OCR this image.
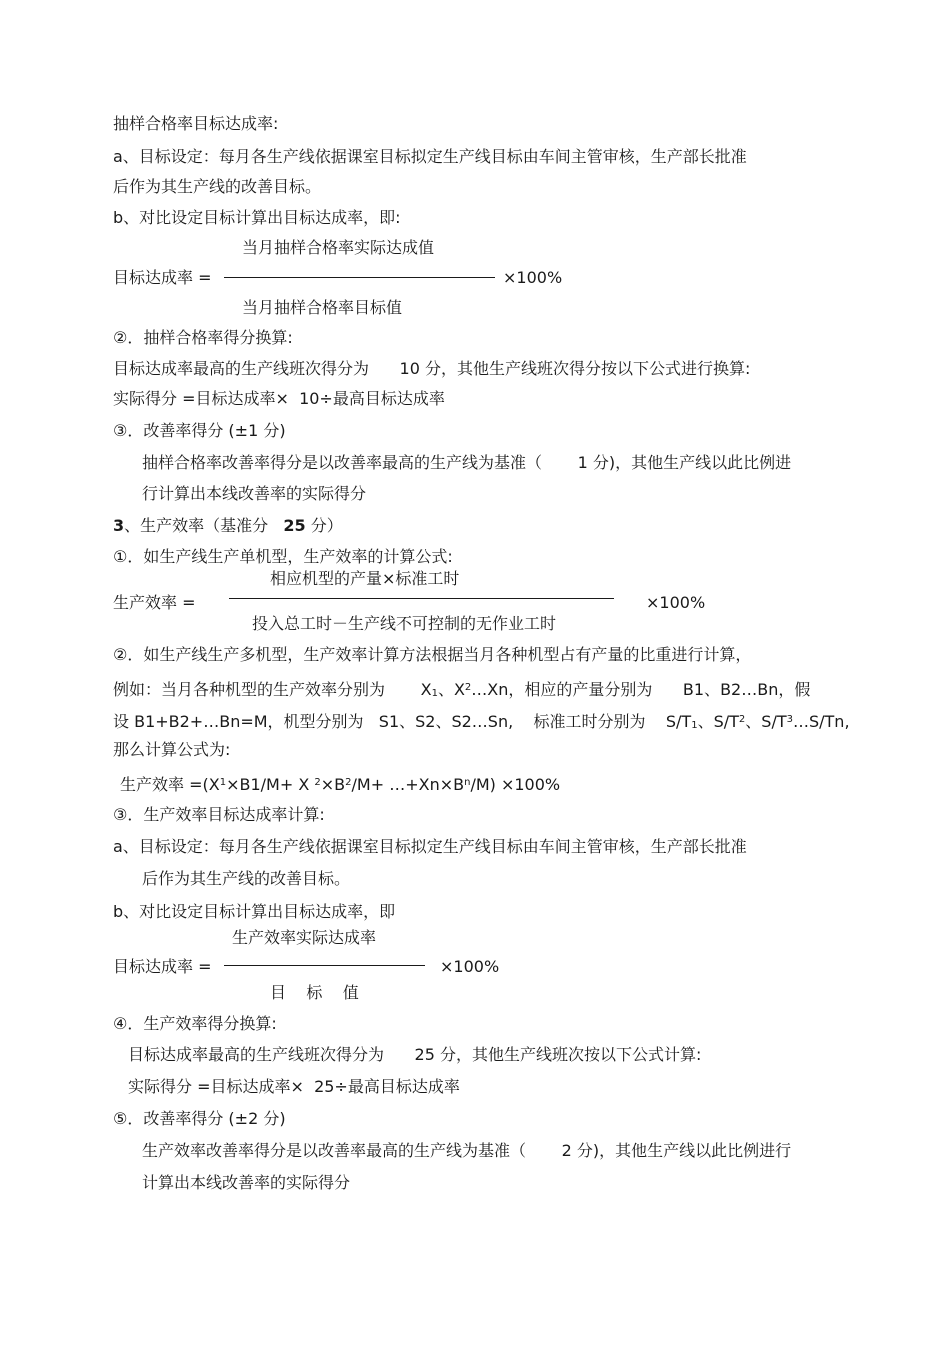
抽样合格率目标达成率:
a、目标设定：每月各生产线依据课室目标拟定生产线目标由车间主管审核，生产部长批准
后作为其生产线的改善目标。
b、对比设定目标计算出目标达成率，即:
当月抽样合格率实际达成值
目标达成率 =	×100%
当月抽样合格率目标值
②．抽样合格率得分换算:
目标达成率最高的生产线班次得分为      10 分，其他生产线班次得分按以下公式进行换算:
实际得分 =目标达成率×  10÷最高目标达成率
③．改善率得分 (±1 分)
抽样合格率改善率得分是以改善率最高的生产线为基准（       1 分)，其他生产线以此比例进
行计算出本线改善率的实际得分
3、生产效率（基准分   25 分）
①．如生产线生产单机型，生产效率的计算公式:
相应机型的产量×标准工时
生产效率 =	×100%
投入总工时－生产线不可控制的无作业工时
②．如生产线生产多机型，生产效率计算方法根据当月各种机型占有产量的比重进行计算，
例如：当月各种机型的生产效率分别为       $X_1$、$X^2\dots Xn$，相应的产量分别为      B1、B2…Bn，假
设 B1+B2+…Bn=M，机型分别为   S1、S2、S2…Sn,    标准工时分别为    $S/T_1$、$S/T^2$、$S/T^3\dots S/Tn$,
那么计算公式为:
生产效率 $=(X^1\times B1/M+ X$ $^2\times B^2/M+$ $\dots+Xn\times B^n/M) \times 100\%$
③．生产效率目标达成率计算:
a、目标设定：每月各生产线依据课室目标拟定生产线目标由车间主管审核，生产部长批准
后作为其生产线的改善目标。
b、对比设定目标计算出目标达成率，即
生产效率实际达成率
目标达成率 =	×100%
目    标    值
④．生产效率得分换算:
目标达成率最高的生产线班次得分为      25 分，其他生产线班次按以下公式计算:
实际得分 =目标达成率×  25÷最高目标达成率
⑤．改善率得分 (±2 分)
生产效率改善率得分是以改善率最高的生产线为基准（       2 分)，其他生产线以此比例进行
计算出本线改善率的实际得分
